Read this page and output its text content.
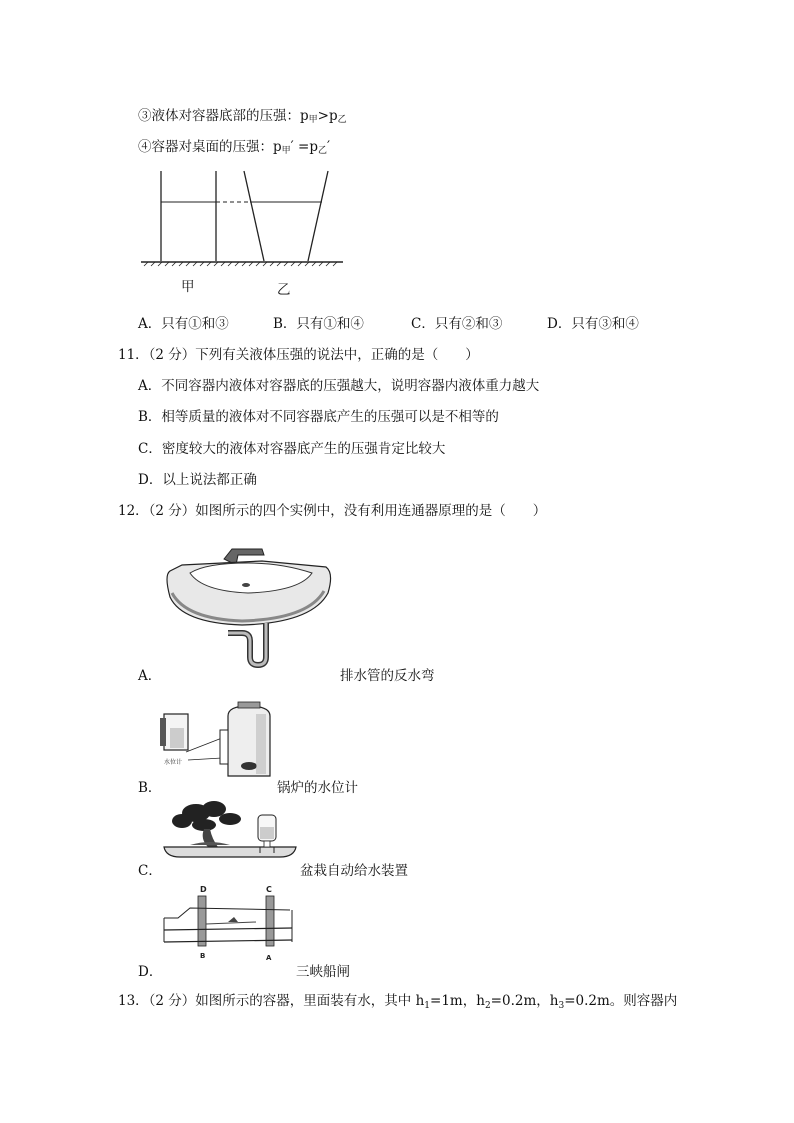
③液体对容器底部的压强：p甲>p乙
④容器对桌面的压强：p甲′ =p乙′
甲	乙
A．只有①和③	B．只有①和④	C．只有②和③	D．只有③和④
11．（2 分）下列有关液体压强的说法中，正确的是（　　）
A．不同容器内液体对容器底的压强越大，说明容器内液体重力越大
B．相等质量的液体对不同容器底产生的压强可以是不相等的
C．密度较大的液体对容器底产生的压强肯定比较大
D．以上说法都正确
12．（2 分）如图所示的四个实例中，没有利用连通器原理的是（　　）
A．	排水管的反水弯
水位计
B．	锅炉的水位计
C．	盆栽自动给水装置
D	C
B	A
D．	三峡船闸
13．（2 分）如图所示的容器，里面装有水，其中 $h_1=1m$，$h_2=0.2m$，$h_3=0.2m$。则容器内
